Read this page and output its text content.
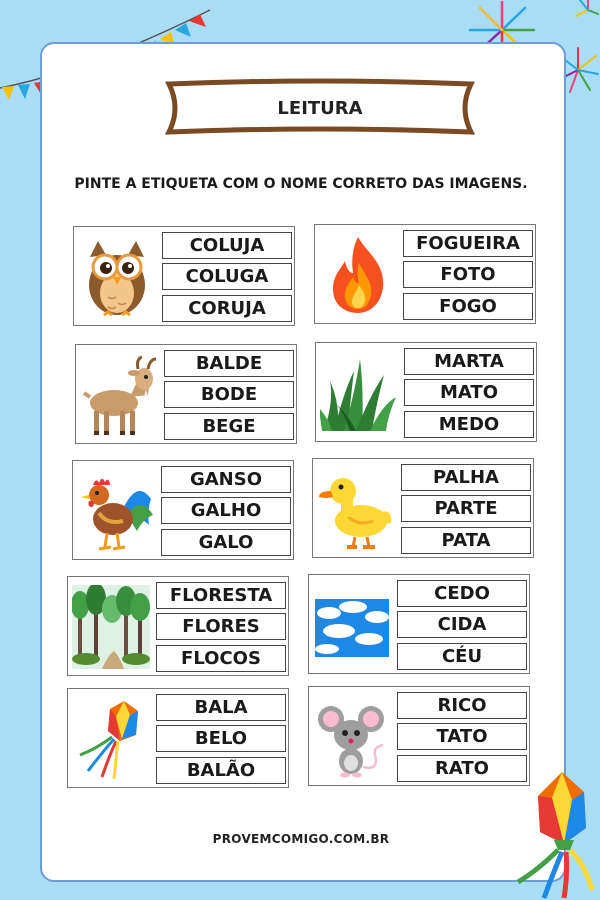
LEITURA
PINTE A ETIQUETA COM O NOME CORRETO DAS IMAGENS.
COLUJA
COLUGA
CORUJA
FOGUEIRA
FOTO
FOGO
BALDE
BODE
BEGE
MARTA
MATO
MEDO
GANSO
GALHO
GALO
PALHA
PARTE
PATA
FLORESTA
FLORES
FLOCOS
CEDO
CIDA
CÉU
BALA
BELO
BALÃO
RICO
TATO
RATO
PROVEMCOMIGO.COM.BR
